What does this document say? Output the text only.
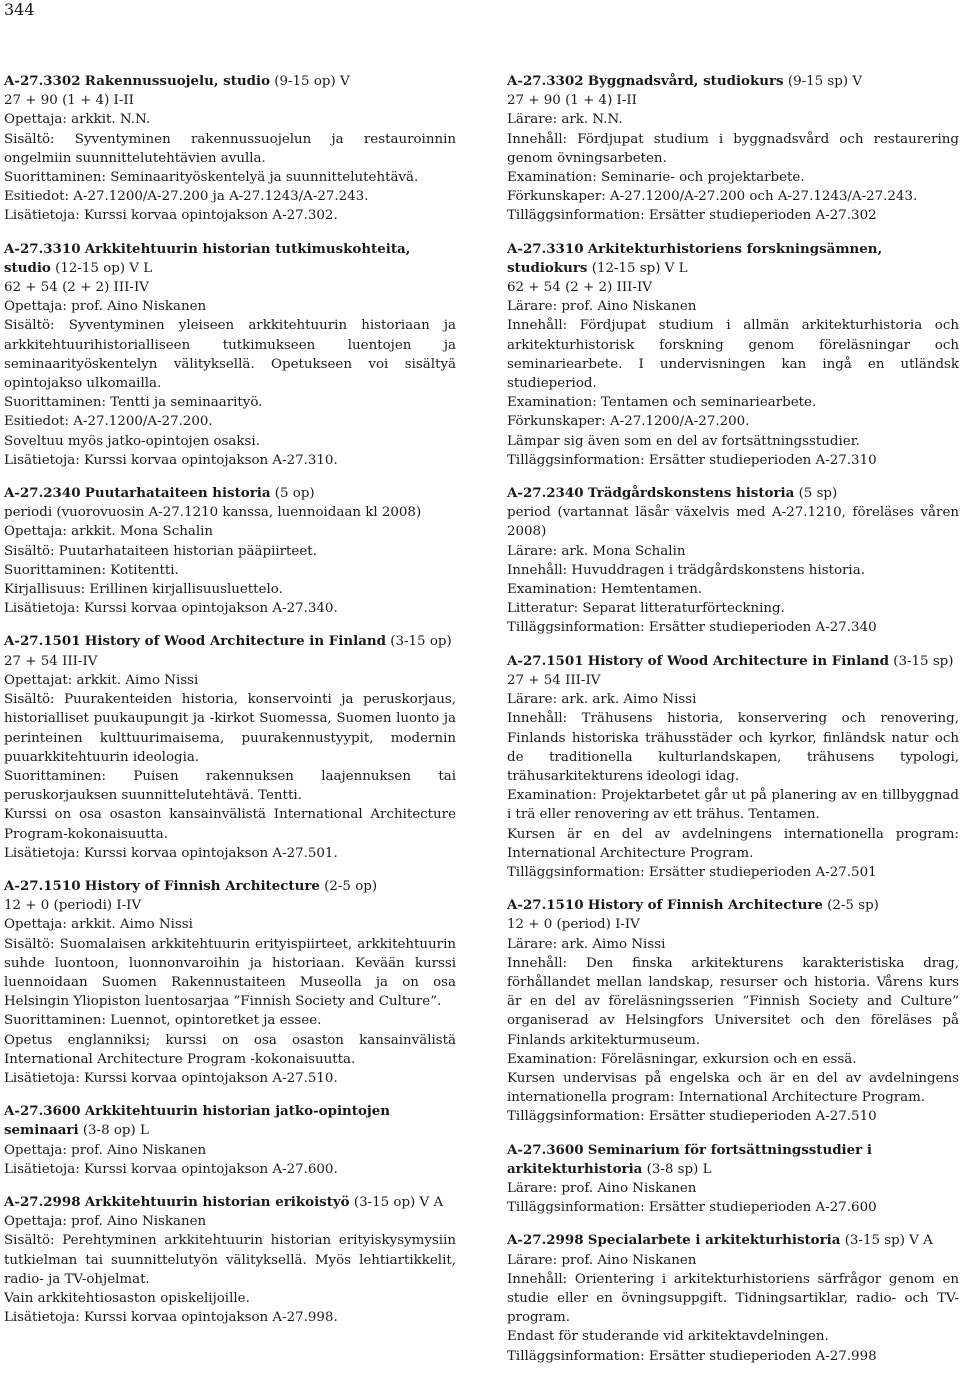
344

A-27.3302 Rakennussuojelu, studio (9-15 op) V

27 + 90 (1 + 4) I-II

Opettaja: arkkit. N.N.

Sisältö: Syventyminen rakennussuojelun ja restauroinnin ongelmiin suunnittelutehtävien avulla.

Suorittaminen: Seminaarityöskentelyä ja suunnittelutehtävä.

Esitiedot: A-27.1200/A-27.200 ja A-27.1243/A-27.243.

Lisätietoja: Kurssi korvaa opintojakson A-27.302.

A-27.3310 Arkkitehtuurin historian tutkimuskohteita, studio (12-15 op) V L

62 + 54 (2 + 2) III-IV

Opettaja: prof. Aino Niskanen

Sisältö: Syventyminen yleiseen arkkitehtuurin historiaan ja arkkitehtuurihistorialliseen tutkimukseen luentojen ja seminaarityöskentelyn välityksellä. Opetukseen voi sisältyä opintojakso ulkomailla.

Suorittaminen: Tentti ja seminaarityö.

Esitiedot: A-27.1200/A-27.200.

Soveltuu myös jatko-opintojen osaksi.

Lisätietoja: Kurssi korvaa opintojakson A-27.310.

A-27.2340 Puutarhataiteen historia (5 op)

periodi (vuorovuosin A-27.1210 kanssa, luennoidaan kl 2008)

Opettaja: arkkit. Mona Schalin

Sisältö: Puutarhataiteen historian pääpiirteet.

Suorittaminen: Kotitentti.

Kirjallisuus: Erillinen kirjallisuusluettelo.

Lisätietoja: Kurssi korvaa opintojakson A-27.340.

A-27.1501 History of Wood Architecture in Finland (3-15 op)

27 + 54 III-IV

Opettajat: arkkit. Aimo Nissi

Sisältö: Puurakenteiden historia, konservointi ja peruskorjaus, historialliset puukaupungit ja -kirkot Suomessa, Suomen luonto ja perinteinen kulttuurimaisema, puurakennustyypit, modernin puuarkkitehtuurin ideologia.

Suorittaminen: Puisen rakennuksen laajennuksen tai peruskorjauksen suunnittelutehtävä. Tentti.

Kurssi on osa osaston kansainvälistä International Architecture Program-kokonaisuutta.

Lisätietoja: Kurssi korvaa opintojakson A-27.501.

A-27.1510 History of Finnish Architecture (2-5 op)

12 + 0 (periodi) I-IV

Opettaja: arkkit. Aimo Nissi

Sisältö: Suomalaisen arkkitehtuurin erityispiirteet, arkkitehtuurin suhde luontoon, luonnonvaroihin ja historiaan. Kevään kurssi luennoidaan Suomen Rakennustaiteen Museolla ja on osa Helsingin Yliopiston luentosarjaa ”Finnish Society and Culture”.

Suorittaminen: Luennot, opintoretket ja essee.

Opetus englanniksi; kurssi on osa osaston kansainvälistä International Architecture Program -kokonaisuutta.

Lisätietoja: Kurssi korvaa opintojakson A-27.510.

A-27.3600 Arkkitehtuurin historian jatko-opintojen seminaari (3-8 op) L

Opettaja: prof. Aino Niskanen

Lisätietoja: Kurssi korvaa opintojakson A-27.600.

A-27.2998 Arkkitehtuurin historian erikoistyö (3-15 op) V A

Opettaja: prof. Aino Niskanen

Sisältö: Perehtyminen arkkitehtuurin historian erityiskysymysiin tutkielman tai suunnittelutyön välityksellä. Myös lehtiartikkelit, radio- ja TV-ohjelmat.

Vain arkkitehtiosaston opiskelijoille.

Lisätietoja: Kurssi korvaa opintojakson A-27.998.

A-27.3302 Byggnadsvård, studiokurs (9-15 sp) V

27 + 90 (1 + 4) I-II

Lärare: ark. N.N.

Innehåll: Fördjupat studium i byggnadsvård och restaurering genom övningsarbeten.

Examination: Seminarie- och projektarbete.

Förkunskaper: A-27.1200/A-27.200 och A-27.1243/A-27.243.

Tilläggsinformation: Ersätter studieperioden A-27.302

A-27.3310 Arkitekturhistoriens forskningsämnen, studiokurs (12-15 sp) V L

62 + 54 (2 + 2) III-IV

Lärare: prof. Aino Niskanen

Innehåll: Fördjupat studium i allmän arkitekturhistoria och arkitekturhistorisk forskning genom föreläsningar och seminariearbete. I undervisningen kan ingå en utländsk studieperiod.

Examination: Tentamen och seminariearbete.

Förkunskaper: A-27.1200/A-27.200.

Lämpar sig även som en del av fortsättningsstudier.

Tilläggsinformation: Ersätter studieperioden A-27.310

A-27.2340 Trädgårdskonstens historia (5 sp)

period (vartannat läsår växelvis med A-27.1210, föreläses våren 2008)

Lärare: ark. Mona Schalin

Innehåll: Huvuddragen i trädgårdskonstens historia.

Examination: Hemtentamen.

Litteratur: Separat litteraturförteckning.

Tilläggsinformation: Ersätter studieperioden A-27.340

A-27.1501 History of Wood Architecture in Finland (3-15 sp)

27 + 54 III-IV

Lärare: ark. ark. Aimo Nissi

Innehåll: Trähusens historia, konservering och renovering, Finlands historiska trähusstäder och kyrkor, finländsk natur och de traditionella kulturlandskapen, trähusens typologi, trähusarkitekturens ideologi idag.

Examination: Projektarbetet går ut på planering av en tillbyggnad i trä eller renovering av ett trähus. Tentamen.

Kursen är en del av avdelningens internationella program: International Architecture Program.

Tilläggsinformation: Ersätter studieperioden A-27.501

A-27.1510 History of Finnish Architecture (2-5 sp)

12 + 0 (period) I-IV

Lärare: ark. Aimo Nissi

Innehåll: Den finska arkitekturens karakteristiska drag, förhållandet mellan landskap, resurser och historia. Vårens kurs är en del av föreläsningsserien ”Finnish Society and Culture” organiserad av Helsingfors Universitet och den föreläses på Finlands arkitekturmuseum.

Examination: Föreläsningar, exkursion och en essä.

Kursen undervisas på engelska och är en del av avdelningens internationella program: International Architecture Program.

Tilläggsinformation: Ersätter studieperioden A-27.510

A-27.3600 Seminarium för fortsättningsstudier i arkitekturhistoria (3-8 sp) L

Lärare: prof. Aino Niskanen

Tilläggsinformation: Ersätter studieperioden A-27.600

A-27.2998 Specialarbete i arkitekturhistoria (3-15 sp) V A

Lärare: prof. Aino Niskanen

Innehåll: Orientering i arkitekturhistoriens särfrågor genom en studie eller en övningsuppgift. Tidningsartiklar, radio- och TV-program.

Endast för studerande vid arkitektavdelningen.

Tilläggsinformation: Ersätter studieperioden A-27.998
